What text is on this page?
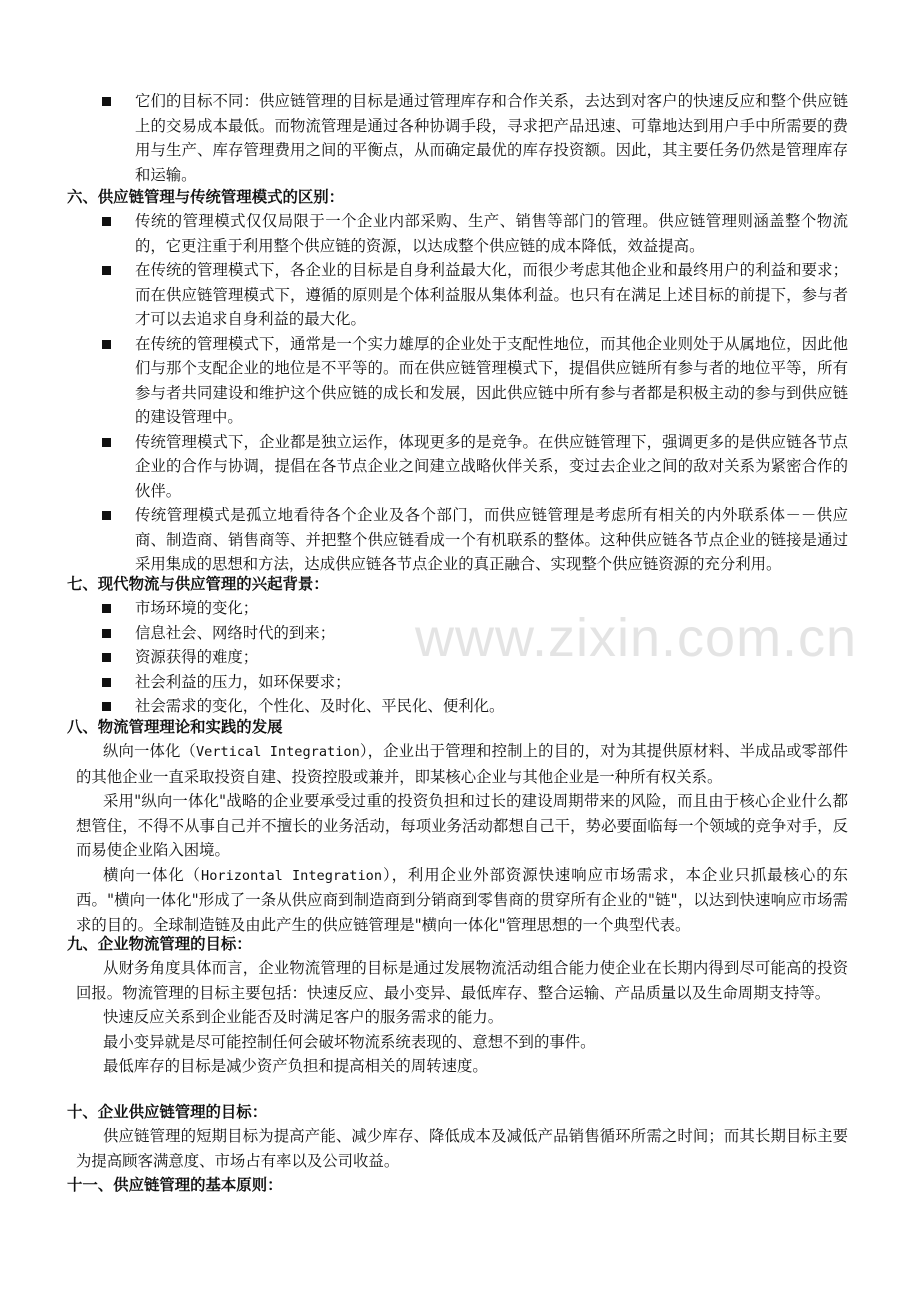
www.zixin.com.cn
它们的目标不同：供应链管理的目标是通过管理库存和合作关系，去达到对客户的快速反应和整个供应链上的交易成本最低。而物流管理是通过各种协调手段，寻求把产品迅速、可靠地达到用户手中所需要的费用与生产、库存管理费用之间的平衡点，从而确定最优的库存投资额。因此，其主要任务仍然是管理库存和运输。
六、供应链管理与传统管理模式的区别：
传统的管理模式仅仅局限于一个企业内部采购、生产、销售等部门的管理。供应链管理则涵盖整个物流的，它更注重于利用整个供应链的资源，以达成整个供应链的成本降低，效益提高。
在传统的管理模式下，各企业的目标是自身利益最大化，而很少考虑其他企业和最终用户的利益和要求；而在供应链管理模式下，遵循的原则是个体利益服从集体利益。也只有在满足上述目标的前提下，参与者才可以去追求自身利益的最大化。
在传统的管理模式下，通常是一个实力雄厚的企业处于支配性地位，而其他企业则处于从属地位，因此他们与那个支配企业的地位是不平等的。而在供应链管理模式下，提倡供应链所有参与者的地位平等，所有参与者共同建设和维护这个供应链的成长和发展，因此供应链中所有参与者都是积极主动的参与到供应链的建设管理中。
传统管理模式下，企业都是独立运作，体现更多的是竞争。在供应链管理下，强调更多的是供应链各节点企业的合作与协调，提倡在各节点企业之间建立战略伙伴关系，变过去企业之间的敌对关系为紧密合作的伙伴。
传统管理模式是孤立地看待各个企业及各个部门，而供应链管理是考虑所有相关的内外联系体－－供应商、制造商、销售商等、并把整个供应链看成一个有机联系的整体。这种供应链各节点企业的链接是通过采用集成的思想和方法，达成供应链各节点企业的真正融合、实现整个供应链资源的充分利用。
七、现代物流与供应管理的兴起背景：
市场环境的变化；
信息社会、网络时代的到来；
资源获得的难度；
社会利益的压力，如环保要求；
社会需求的变化，个性化、及时化、平民化、便利化。
八、物流管理理论和实践的发展
纵向一体化（Vertical Integration），企业出于管理和控制上的目的，对为其提供原材料、半成品或零部件的其他企业一直采取投资自建、投资控股或兼并，即某核心企业与其他企业是一种所有权关系。
采用"纵向一体化"战略的企业要承受过重的投资负担和过长的建设周期带来的风险，而且由于核心企业什么都想管住，不得不从事自己并不擅长的业务活动，每项业务活动都想自己干，势必要面临每一个领域的竞争对手，反而易使企业陷入困境。
横向一体化（Horizontal Integration），利用企业外部资源快速响应市场需求，本企业只抓最核心的东西。"横向一体化"形成了一条从供应商到制造商到分销商到零售商的贯穿所有企业的"链"，以达到快速响应市场需求的目的。全球制造链及由此产生的供应链管理是"横向一体化"管理思想的一个典型代表。
九、企业物流管理的目标：
从财务角度具体而言，企业物流管理的目标是通过发展物流活动组合能力使企业在长期内得到尽可能高的投资回报。物流管理的目标主要包括：快速反应、最小变异、最低库存、整合运输、产品质量以及生命周期支持等。
快速反应关系到企业能否及时满足客户的服务需求的能力。
最小变异就是尽可能控制任何会破坏物流系统表现的、意想不到的事件。
最低库存的目标是减少资产负担和提高相关的周转速度。
十、企业供应链管理的目标：
供应链管理的短期目标为提高产能、减少库存、降低成本及减低产品销售循环所需之时间；而其长期目标主要为提高顾客满意度、市场占有率以及公司收益。
十一、供应链管理的基本原则：
